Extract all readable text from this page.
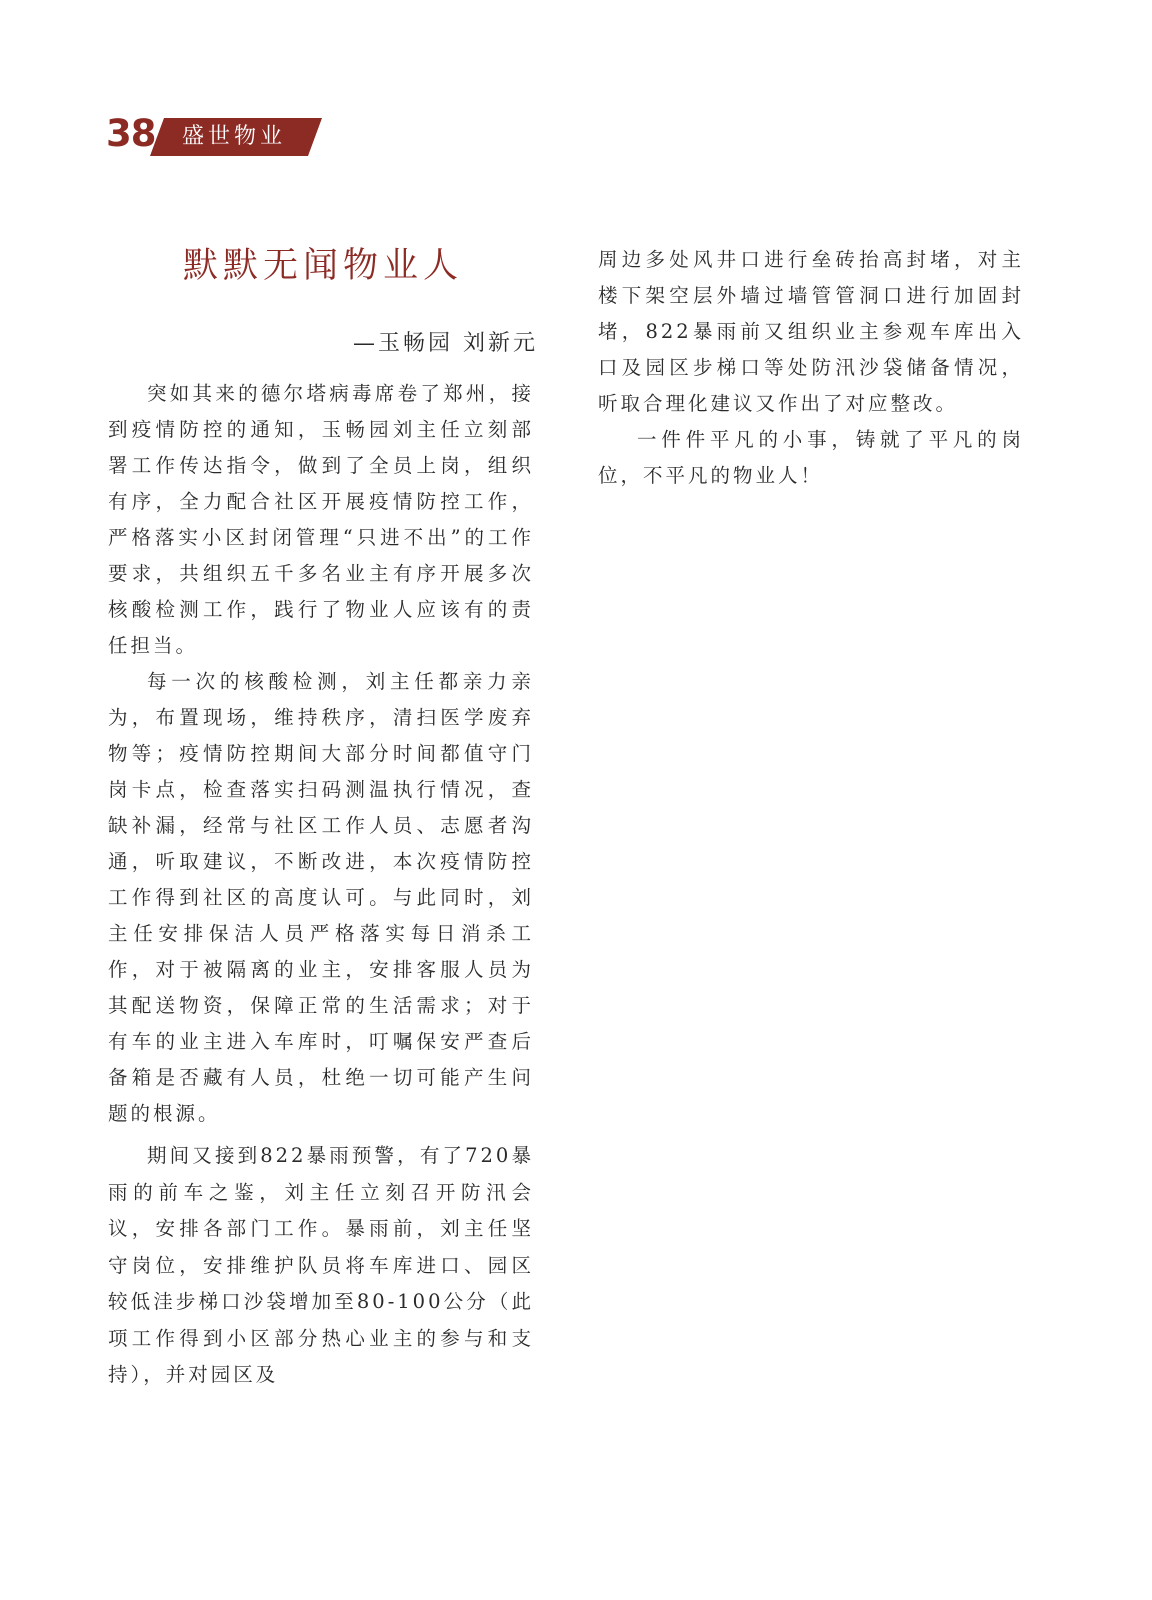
38 盛世物业
默默无闻物业人
—玉畅园 刘新元

突如其来的德尔塔病毒席卷了郑州，接到疫情防控的通知，玉畅园刘主任立刻部署工作传达指令，做到了全员上岗，组织有序，全力配合社区开展疫情防控工作，严格落实小区封闭管理“只进不出”的工作要求，共组织五千多名业主有序开展多次核酸检测工作，践行了物业人应该有的责任担当。

每一次的核酸检测，刘主任都亲力亲为，布置现场，维持秩序，清扫医学废弃物等；疫情防控期间大部分时间都值守门岗卡点，检查落实扫码测温执行情况，查缺补漏，经常与社区工作人员、志愿者沟通，听取建议，不断改进，本次疫情防控工作得到社区的高度认可。与此同时，刘主任安排保洁人员严格落实每日消杀工作，对于被隔离的业主，安排客服人员为其配送物资，保障正常的生活需求；对于有车的业主进入车库时，叮嘱保安严查后备箱是否藏有人员，杜绝一切可能产生问题的根源。

期间又接到822暴雨预警，有了720暴雨的前车之鉴，刘主任立刻召开防汛会议，安排各部门工作。暴雨前，刘主任坚守岗位，安排维护队员将车库进口、园区较低洼步梯口沙袋增加至80-100公分（此项工作得到小区部分热心业主的参与和支持），并对园区及

周边多处风井口进行垒砖抬高封堵，对主楼下架空层外墙过墙管管洞口进行加固封堵，822暴雨前又组织业主参观车库出入口及园区步梯口等处防汛沙袋储备情况，听取合理化建议又作出了对应整改。

一件件平凡的小事，铸就了平凡的岗位，不平凡的物业人！
